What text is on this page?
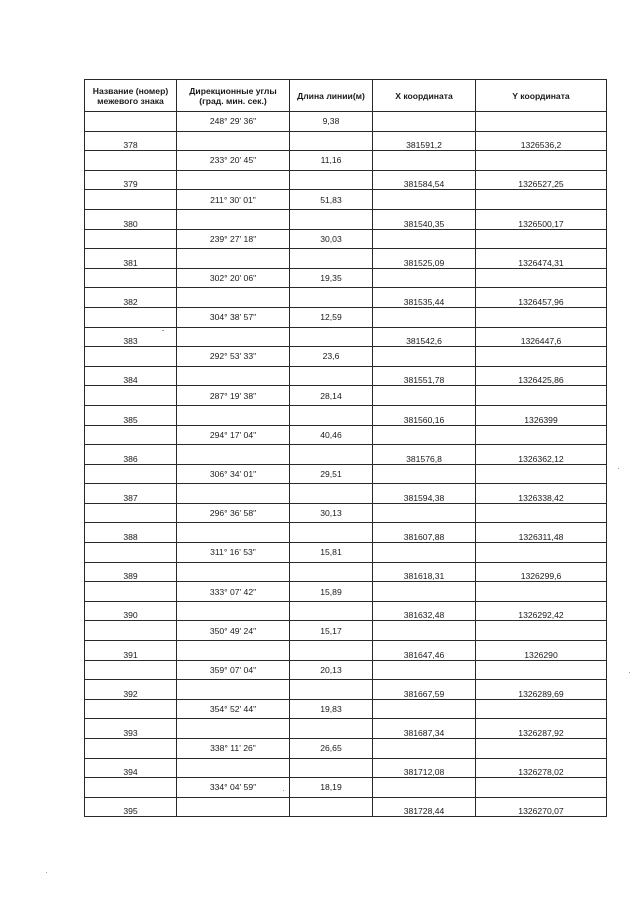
Название (номер) межевого знака	Дирекционные углы (град. мин. сек.)	Длина линии(м)	X координата	Y координата
	248° 29' 36"	9,38		
378			381591,2	1326536,2
	233° 20' 45"	11,16		
379			381584,54	1326527,25
	211° 30' 01"	51,83		
380			381540,35	1326500,17
	239° 27' 18"	30,03		
381			381525,09	1326474,31
	302° 20' 06"	19,35		
382			381535,44	1326457,96
	304° 38' 57"	12,59		
383			381542,6	1326447,6
	292° 53' 33"	23,6		
384			381551,78	1326425,86
	287° 19' 38"	28,14		
385			381560,16	1326399
	294° 17' 04"	40,46		
386			381576,8	1326362,12
	306° 34' 01"	29,51		
387			381594,38	1326338,42
	296° 36' 58"	30,13		
388			381607,88	1326311,48
	311° 16' 53"	15,81		
389			381618,31	1326299,6
	333° 07' 42"	15,89		
390			381632,48	1326292,42
	350° 49' 24"	15,17		
391			381647,46	1326290
	359° 07' 04"	20,13		
392			381667,59	1326289,69
	354° 52' 44"	19,83		
393			381687,34	1326287,92
	338° 11' 26"	26,65		
394			381712,08	1326278,02
	334° 04' 59"	18,19		
395			381728,44	1326270,07
